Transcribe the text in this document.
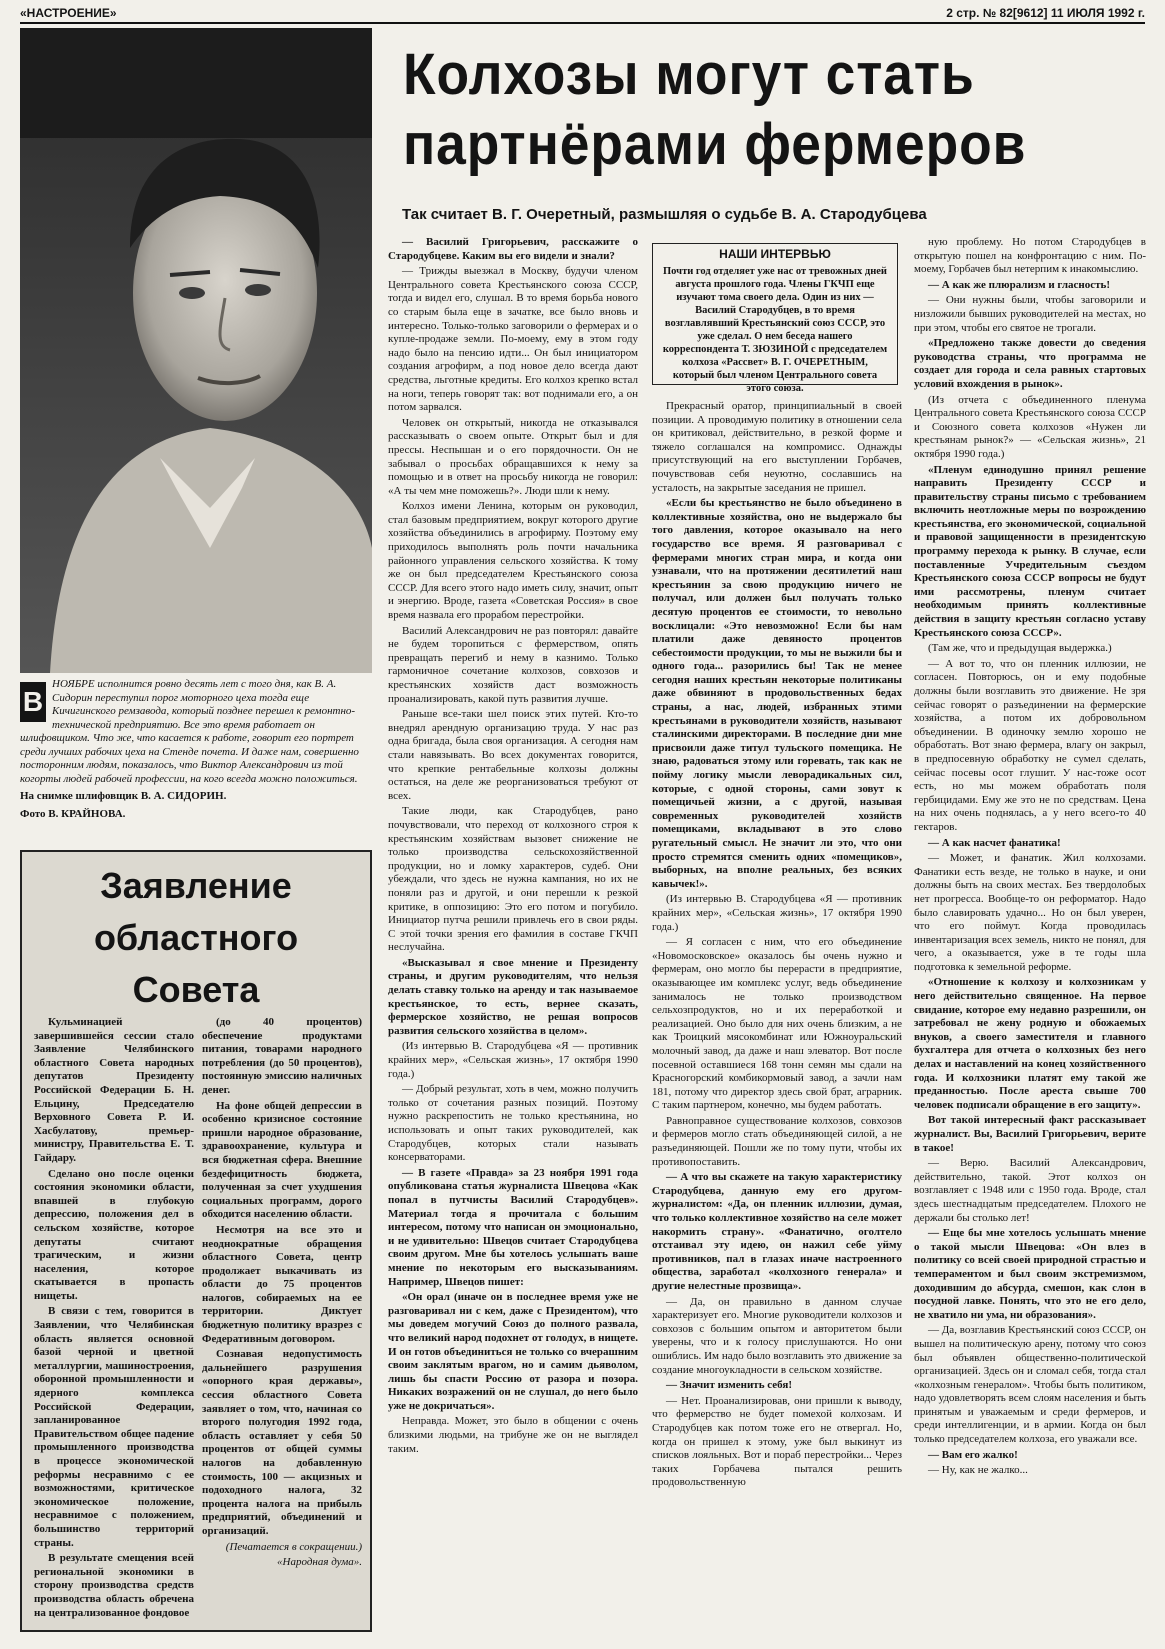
«НАСТРОЕНИЕ»	2 стр. № 82[9612] 11 ИЮЛЯ 1992 г.
Колхозы могут стать
партнёрами фермеров
Так считает В. Г. Очеретный, размышляя о судьбе В. А. Стародубцева
НАШИ ИНТЕРВЬЮ
Почти год отделяет уже нас от тревожных дней августа прошлого года. Члены ГКЧП еще изучают тома своего дела. Один из них — Василий Стародубцев, в то время возглавлявший Крестьянский союз СССР, это уже сделал. О нем беседа нашего корреспондента Т. ЗЮЗИНОЙ с председателем колхоза «Рассвет» В. Г. ОЧЕРЕТНЫМ, который был членом Центрального совета этого союза.

— Василий Григорьевич, расскажите о Стародубцеве. Каким вы его видели и знали?

— Трижды выезжал в Москву, будучи членом Центрального совета Крестьянского союза СССР, тогда и видел его, слушал. В то время борьба нового со старым была еще в зачатке, все было вновь и интересно. Только-только заговорили о фермерах и о купле-продаже земли. По-моему, ему в этом году надо было на пенсию идти... Он был инициатором создания агрофирм, а под новое дело всегда дают средства, льготные кредиты. Его колхоз крепко встал на ноги, теперь говорят так: вот поднимали его, а он потом зарвался.

Человек он открытый, никогда не отказывался рассказывать о своем опыте. Открыт был и для прессы. Неспышан и о его порядочности. Он не забывал о просьбах обращавшихся к нему за помощью и в ответ на просьбу никогда не говорил: «А ты чем мне поможешь?». Люди шли к нему.

Колхоз имени Ленина, которым он руководил, стал базовым предприятием, вокруг которого другие хозяйства объединились в агрофирму. Поэтому ему приходилось выполнять роль почти начальника районного управления сельского хозяйства. К тому же он был председателем Крестьянского союза СССР. Для всего этого надо иметь силу, значит, опыт и энергию. Вроде, газета «Советская Россия» в свое время назвала его прорабом перестройки.

Василий Александрович не раз повторял: давайте не будем торопиться с фермерством, опять превращать перегиб и нему в казнимо. Только гармоничное сочетание колхозов, совхозов и крестьянских хозяйств даст возможность проанализировать, какой путь развития лучше.

Раньше все-таки шел поиск этих путей. Кто-то внедрял арендную организацию труда. У нас раз одна бригада, была своя организация. А сегодня нам стали навязывать. Во всех документах говорится, что крепкие рентабельные колхозы должны остаться, на деле же реорганизоваться требуют от всех.

Такие люди, как Стародубцев, рано почувствовали, что переход от колхозного строя к крестьянским хозяйствам вызовет снижение не только производства сельскохозяйственной продукции, но и ломку характеров, судеб. Они убеждали, что здесь не нужна кампания, но их не поняли раз и другой, и они перешли к резкой критике, в оппозицию: Это его потом и погубило. Инициатор путча решили привлечь его в свои ряды. С этой точки зрения его фамилия в составе ГКЧП неслучайна.

«Высказывал я свое мнение и Президенту страны, и другим руководителям, что нельзя делать ставку только на аренду и так называемое крестьянское, то есть, вернее сказать, фермерское хозяйство, не решая вопросов развития сельского хозяйства в целом».

(Из интервью В. Стародубцева «Я — противник крайних мер», «Сельская жизнь», 17 октября 1990 года.)

— Добрый результат, хоть в чем, можно получить только от сочетания разных позиций. Поэтому нужно раскрепостить не только крестьянина, но использовать и опыт таких руководителей, как Стародубцев, которых стали называть консерваторами.

— В газете «Правда» за 23 ноября 1991 года опубликована статья журналиста Швецова «Как попал в путчисты Василий Стародубцев». Материал тогда я прочитала с большим интересом, потому что написан он эмоционально, и не удивительно: Швецов считает Стародубцева своим другом. Мне бы хотелось услышать ваше мнение по некоторым его высказываниям. Например, Швецов пишет:

«Он орал (иначе он в последнее время уже не разговаривал ни с кем, даже с Президентом), что мы доведем могучий Союз до полного развала, что великий народ подохнет от голодух, в нищете. И он готов объединиться не только со вчерашним своим заклятым врагом, но и самим дьяволом, лишь бы спасти Россию от разора и позора. Никаких возражений он не слушал, до него было уже не докричаться».

Неправда. Может, это было в общении с очень близкими людьми, на трибуне же он не выглядел таким.

Прекрасный оратор, принципиальный в своей позиции. А проводимую политику в отношении села он критиковал, действительно, в резкой форме и тяжело соглашался на компромисс. Однажды присутствующий на его выступлении Горбачев, почувствовав себя неуютно, сославшись на усталость, на закрытые заседания не пришел.

«Если бы крестьянство не было объединено в коллективные хозяйства, оно не выдержало бы того давления, которое оказывало на него государство все время. Я разговаривал с фермерами многих стран мира, и когда они узнавали, что на протяжении десятилетий наш крестьянин за свою продукцию ничего не получал, или должен был получать только десятую процентов ее стоимости, то невольно восклицали: «Это невозможно! Если бы нам платили даже девяносто процентов себестоимости продукции, то мы не выжили бы и одного года... разорились бы! Так не менее сегодня наших крестьян некоторые политиканы даже обвиняют в продовольственных бедах страны, а нас, людей, избранных этими крестьянами в руководители хозяйств, называют сталинскими директорами. В последние дни мне присвоили даже титул тульского помещика. Не знаю, радоваться этому или горевать, так как не пойму логику мысли леворадикальных сил, которые, с одной стороны, сами зовут к помещичьей жизни, а с другой, называя современных руководителей хозяйств помещиками, вкладывают в это слово ругательный смысл. Не значит ли это, что они просто стремятся сменить одних «помещиков», выборных, на вполне реальных, без всяких кавычек!».

(Из интервью В. Стародубцева «Я — противник крайних мер», «Сельская жизнь», 17 октября 1990 года.)

— Я согласен с ним, что его объединение «Новомосковское» оказалось бы очень нужно и фермерам, оно могло бы перерасти в предприятие, оказывающее им комплекс услуг, ведь объединение занималось не только производством сельхозпродуктов, но и их переработкой и реализацией. Оно было для них очень близким, а не как Троицкий мясокомбинат или Южноуральский молочный завод, да даже и наш элеватор. Вот после посевной оставшиеся 168 тонн семян мы сдали на Красногорский комбикормовый завод, а зачли нам 181, потому что директор здесь свой брат, аграрник. С таким партнером, конечно, мы будем работать.

Равноправное существование колхозов, совхозов и фермеров могло стать объединяющей силой, а не разъединяющей. Пошли же по тому пути, чтобы их противопоставить.

— А что вы скажете на такую характеристику Стародубцева, данную ему его другом-журналистом: «Да, он пленник иллюзии, думая, что только коллективное хозяйство на селе может накормить страну». «Фанатично, оголтело отстаивал эту идею, он нажил себе уйму противников, пал в глазах иначе настроенного общества, заработал «колхозного генерала» и другие нелестные прозвища».

— Да, он правильно в данном случае характеризует его. Многие руководители колхозов и совхозов с большим опытом и авторитетом были уверены, что и к голосу прислушаются. Но они ошиблись. Им надо было возглавить это движение за создание многоукладности в сельском хозяйстве.

— Значит изменить себя!

— Нет. Проанализировав, они пришли к выводу, что фермерство не будет помехой колхозам. И Стародубцев как потом тоже его не отвергал. Но, когда он пришел к этому, уже был выкинут из списков лояльных. Вот и пораб перестройки... Через таких Горбачева пытался решить продовольственную

ную проблему. Но потом Стародубцев в открытую пошел на конфронтацию с ним. По-моему, Горбачев был нетерпим к инакомыслию.

— А как же плюрализм и гласность!

— Они нужны были, чтобы заговорили и низложили бывших руководителей на местах, но при этом, чтобы его святое не трогали.

«Предложено также довести до сведения руководства страны, что программа не создает для города и села равных стартовых условий вхождения в рынок».

(Из отчета с объединенного пленума Центрального совета Крестьянского союза СССР и Союзного совета колхозов «Нужен ли крестьянам рынок?» — «Сельская жизнь», 21 октября 1990 года.)

«Пленум единодушно принял решение направить Президенту СССР и правительству страны письмо с требованием включить неотложные меры по возрождению крестьянства, его экономической, социальной и правовой защищенности в президентскую программу перехода к рынку. В случае, если поставленные Учредительным съездом Крестьянского союза СССР вопросы не будут ими рассмотрены, пленум считает необходимым принять коллективные действия в защиту крестьян согласно уставу Крестьянского союза СССР».

(Там же, что и предыдущая выдержка.)

— А вот то, что он пленник иллюзии, не согласен. Повторюсь, он и ему подобные должны были возглавить это движение. Не зря сейчас говорят о разъединении на фермерские хозяйства, а потом их добровольном объединении. В одиночку землю хорошо не обработать. Вот знаю фермера, влагу он закрыл, в предпосевную обработку не сумел сделать, сейчас посевы осот глушит. У нас-тоже осот есть, но мы можем обработать поля гербицидами. Ему же это не по средствам. Цена на них очень поднялась, а у него всего-то 40 гектаров.

— А как насчет фанатика!

— Может, и фанатик. Жил колхозами. Фанатики есть везде, не только в науке, и они должны быть на своих местах. Без твердолобых нет прогресса. Вообще-то он реформатор. Надо было славировать удачно... Но он был уверен, что его поймут. Когда проводилась инвентаризация всех земель, никто не понял, для чего, а оказывается, уже в те годы шла подготовка к земельной реформе.

«Отношение к колхозу и колхозникам у него действительно священное. На первое свидание, которое ему недавно разрешили, он затребовал не жену родную и обожаемых внуков, а своего заместителя и главного бухгалтера для отчета о колхозных без него делах и наставлений на конец хозяйственного года. И колхозники платят ему такой же преданностью. После ареста свыше 700 человек подписали обращение в его защиту».

Вот такой интересный факт рассказывает журналист. Вы, Василий Григорьевич, верите в такое!

— Верю. Василий Александрович, действительно, такой. Этот колхоз он возглавляет с 1948 или с 1950 года. Вроде, стал здесь шестнадцатым председателем. Плохого не держали бы столько лет!

— Еще бы мне хотелось услышать мнение о такой мысли Швецова: «Он влез в политику со всей своей природной страстью и темпераментом и был своим экстремизмом, доходившим до абсурда, смешон, как слон в посудной лавке. Понять, что это не его дело, не хватило ни ума, ни образования».

— Да, возглавив Крестьянский союз СССР, он вышел на политическую арену, потому что союз был объявлен общественно-политической организацией. Здесь он и сломал себя, тогда стал «колхозным генералом». Чтобы быть политиком, надо удовлетворять всем слоям населения и быть принятым и уважаемым и среди фермеров, и среди интеллигенции, и в армии. Когда он был только председателем колхоза, его уважали все.

— Вам его жалко!

— Ну, как не жалко...

В
НОЯБРЕ исполнится ровно десять лет с того дня, как В. А. Сидорин переступил порог моторного цеха тогда еще Кичигинского ремзавода, который позднее перешел к ремонтно-технической предприятию. Все это время работает он шлифовщиком. Что же, что касается к работе, говорит его портрет среди лучших рабочих цеха на Стенде почета. И даже нам, совершенно посторонним людям, показалось, что Виктор Александрович из той когорты людей рабочей профессии, на кого всегда можно положиться.
На снимке шлифовщик В. А. СИДОРИН.
Фото В. КРАЙНОВА.
Заявление
областного
Совета

Кульминацией завершившейся сессии стало Заявление Челябинского областного Совета народных депутатов Президенту Российской Федерации Б. Н. Ельцину, Председателю Верховного Совета Р. И. Хасбулатову, премьер-министру, Правительства Е. Т. Гайдару.

Сделано оно после оценки состояния экономики области, впавшей в глубокую депрессию, положения дел в сельском хозяйстве, которое депутаты считают трагическим, и жизни населения, которое скатывается в пропасть нищеты.

В связи с тем, говорится в Заявлении, что Челябинская область является основной базой черной и цветной металлургии, машиностроения, оборонной промышленности и ядерного комплекса Российской Федерации, запланированное Правительством общее падение промышленного производства в процессе экономической реформы несравнимо с ее возможностями, критическое экономическое положение, несравнимое с положением, большинство территорий страны.

В результате смещения всей региональной экономики в сторону производства средств производства область обречена на централизованное фондовое

(до 40 процентов) обеспечение продуктами питания, товарами народного потребления (до 50 процентов), постоянную эмиссию наличных денег.

На фоне общей депрессии в особенно кризисное состояние пришли народное образование, здравоохранение, культура и вся бюджетная сфера. Внешние бездефицитность бюджета, полученная за счет ухудшения социальных программ, дорого обходится населению области.

Несмотря на все это и неоднократные обращения областного Совета, центр продолжает выкачивать из области до 75 процентов налогов, собираемых на ее территории. Диктует бюджетную политику вразрез с Федеративным договором.

Сознавая недопустимость дальнейшего разрушения «опорного края державы», сессия областного Совета заявляет о том, что, начиная со второго полугодия 1992 года, область оставляет у себя 50 процентов от общей суммы налогов на добавленную стоимость, 100 — акцизных и подоходного налога, 32 процента налога на прибыль предприятий, объединений и организаций.

(Печатается в сокращении.)

«Народная дума».
